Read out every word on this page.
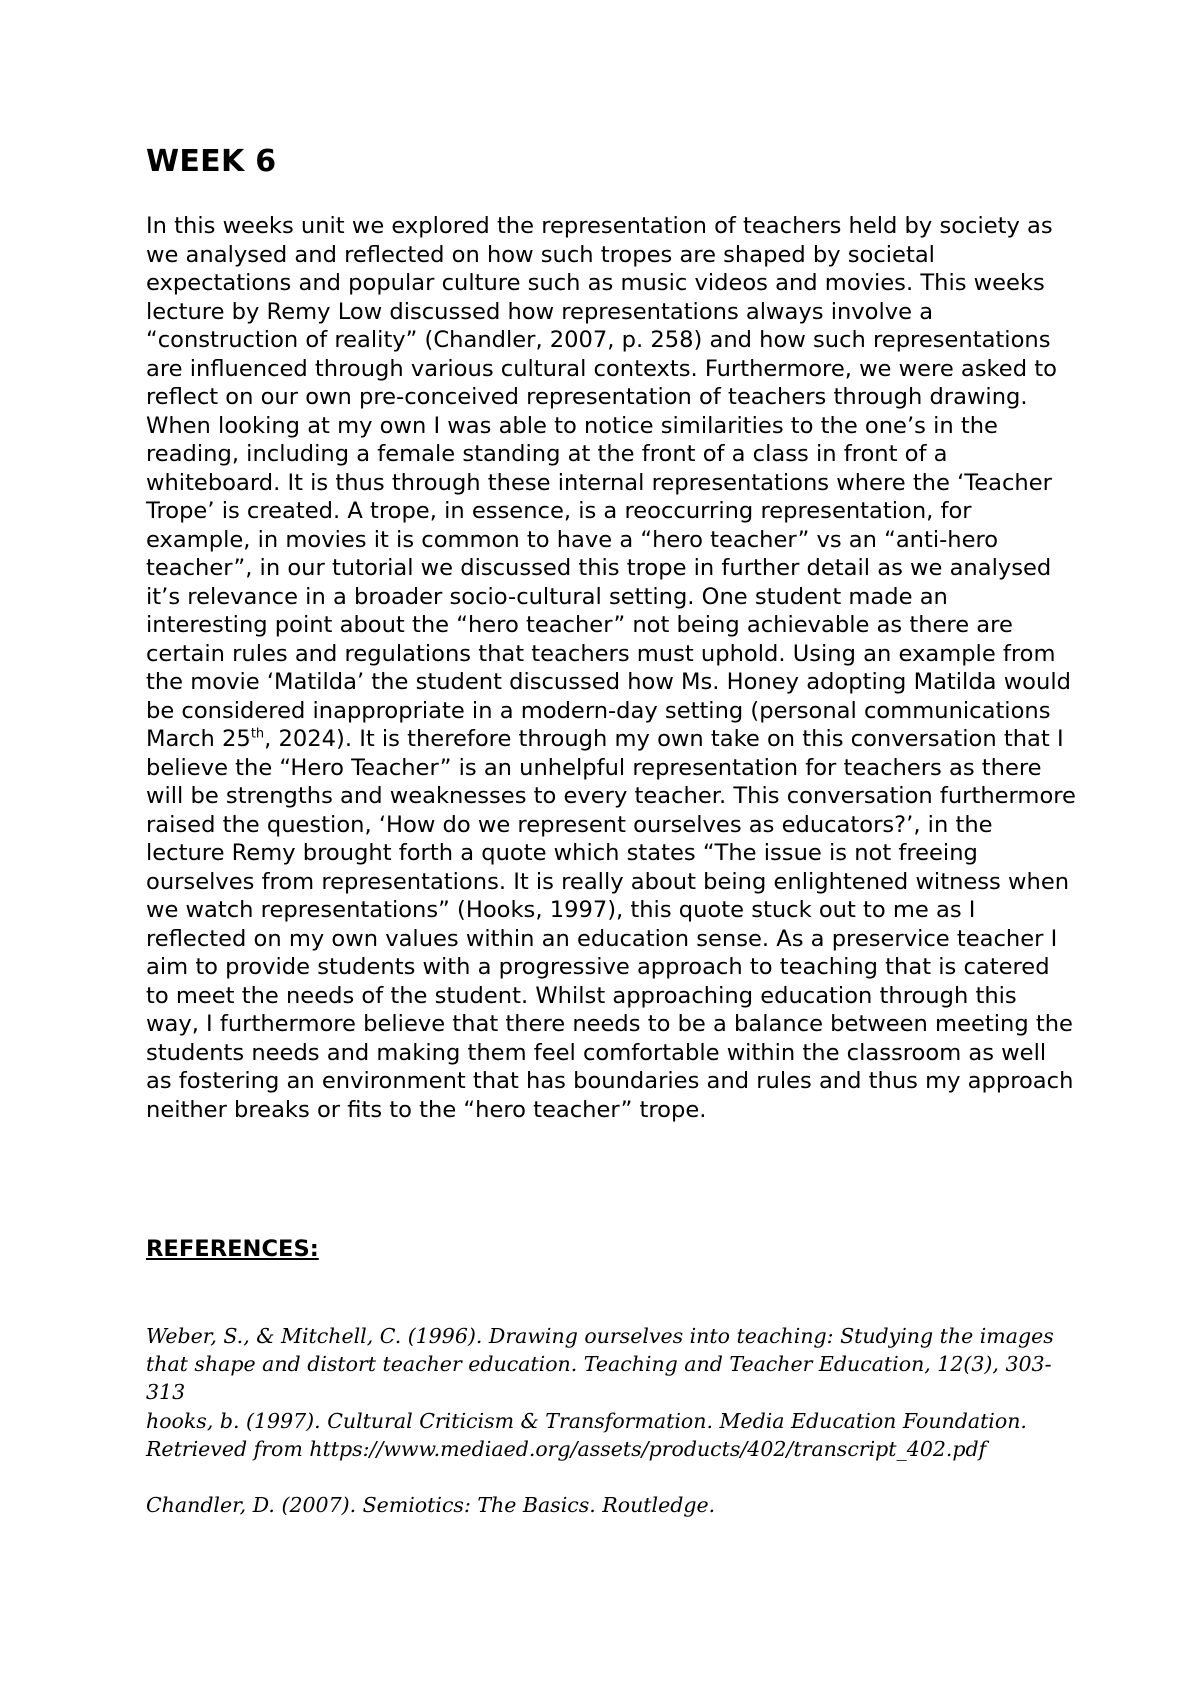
WEEK 6

In this weeks unit we explored the representation of teachers held by society as we analysed and reflected on how such tropes are shaped by societal expectations and popular culture such as music videos and movies. This weeks lecture by Remy Low discussed how representations always involve a “construction of reality” (Chandler, 2007, p. 258) and how such representations are influenced through various cultural contexts. Furthermore, we were asked to reflect on our own pre-conceived representation of teachers through drawing. When looking at my own I was able to notice similarities to the one’s in the reading, including a female standing at the front of a class in front of a whiteboard. It is thus through these internal representations where the ‘Teacher Trope’ is created. A trope, in essence, is a reoccurring representation, for example, in movies it is common to have a “hero teacher” vs an “anti-hero teacher”, in our tutorial we discussed this trope in further detail as we analysed it’s relevance in a broader socio-cultural setting. One student made an interesting point about the “hero teacher” not being achievable as there are certain rules and regulations that teachers must uphold. Using an example from the movie ‘Matilda’ the student discussed how Ms. Honey adopting Matilda would be considered inappropriate in a modern-day setting (personal communications March 25th, 2024). It is therefore through my own take on this conversation that I believe the “Hero Teacher” is an unhelpful representation for teachers as there will be strengths and weaknesses to every teacher. This conversation furthermore raised the question, ‘How do we represent ourselves as educators?’, in the lecture Remy brought forth a quote which states “The issue is not freeing ourselves from representations. It is really about being enlightened witness when we watch representations” (Hooks, 1997), this quote stuck out to me as I reflected on my own values within an education sense. As a preservice teacher I aim to provide students with a progressive approach to teaching that is catered to meet the needs of the student. Whilst approaching education through this way, I furthermore believe that there needs to be a balance between meeting the students needs and making them feel comfortable within the classroom as well as fostering an environment that has boundaries and rules and thus my approach neither breaks or fits to the “hero teacher” trope.

REFERENCES:

Weber, S., & Mitchell, C. (1996). Drawing ourselves into teaching: Studying the images that shape and distort teacher education. Teaching and Teacher Education, 12(3), 303-313

hooks, b. (1997). Cultural Criticism & Transformation. Media Education Foundation. Retrieved from https://www.mediaed.org/assets/products/402/transcript_402.pdf

Chandler, D. (2007). Semiotics: The Basics. Routledge.
